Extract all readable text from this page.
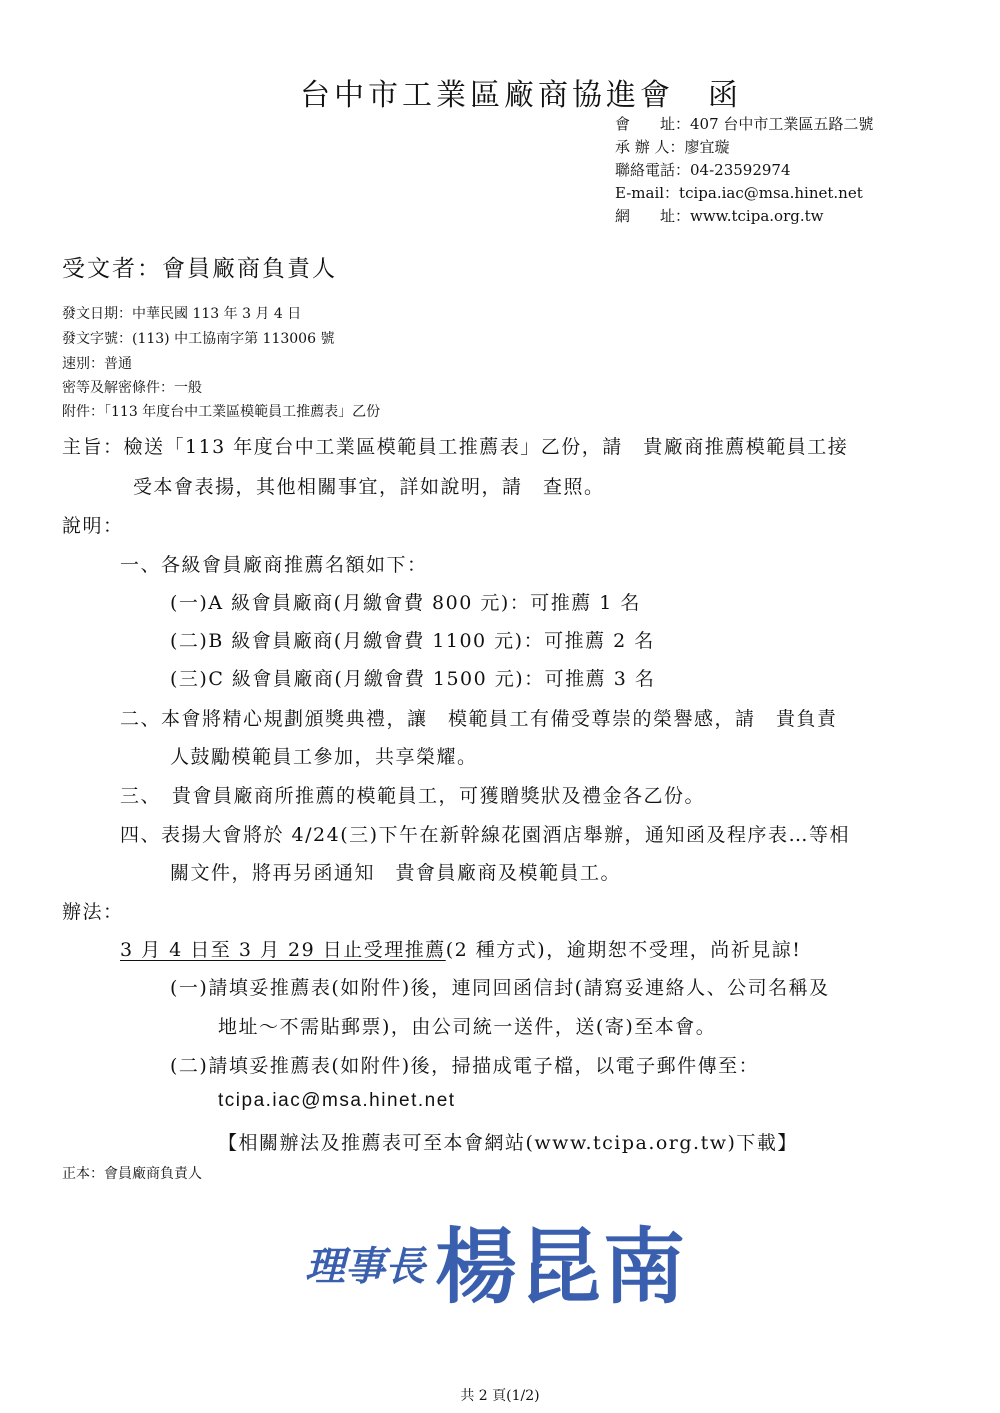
台中市工業區廠商協進會　函
會　　址：407 台中市工業區五路二號
承 辦 人：廖宜璇
聯絡電話：04-23592974
E-mail：tcipa.iac@msa.hinet.net
網　　址：www.tcipa.org.tw
受文者：會員廠商負責人
發文日期：中華民國 113 年 3 月 4 日
發文字號：(113) 中工協南字第 113006 號
速別：普通
密等及解密條件：一般
附件：「113 年度台中工業區模範員工推薦表」乙份
主旨：檢送「113 年度台中工業區模範員工推薦表」乙份，請　貴廠商推薦模範員工接
受本會表揚，其他相關事宜，詳如說明，請　查照。
說明：
一、各級會員廠商推薦名額如下：
(一)A 級會員廠商(月繳會費 800 元)：可推薦 1 名
(二)B 級會員廠商(月繳會費 1100 元)：可推薦 2 名
(三)C 級會員廠商(月繳會費 1500 元)：可推薦 3 名
二、本會將精心規劃頒獎典禮，讓　模範員工有備受尊崇的榮譽感，請　貴負責
人鼓勵模範員工參加，共享榮耀。
三、　貴會員廠商所推薦的模範員工，可獲贈獎狀及禮金各乙份。
四、表揚大會將於 4/24(三)下午在新幹線花園酒店舉辦，通知函及程序表…等相
關文件，將再另函通知　貴會員廠商及模範員工。
辦法：
3 月 4 日至 3 月 29 日止受理推薦(2 種方式)，逾期恕不受理，尚祈見諒!
(一)請填妥推薦表(如附件)後，連同回函信封(請寫妥連絡人、公司名稱及
地址～不需貼郵票)，由公司統一送件，送(寄)至本會。
(二)請填妥推薦表(如附件)後，掃描成電子檔，以電子郵件傳至：
tcipa.iac@msa.hinet.net
【相關辦法及推薦表可至本會網站(www.tcipa.org.tw)下載】
正本：會員廠商負責人
理事長 楊昆南
共 2 頁(1/2)
